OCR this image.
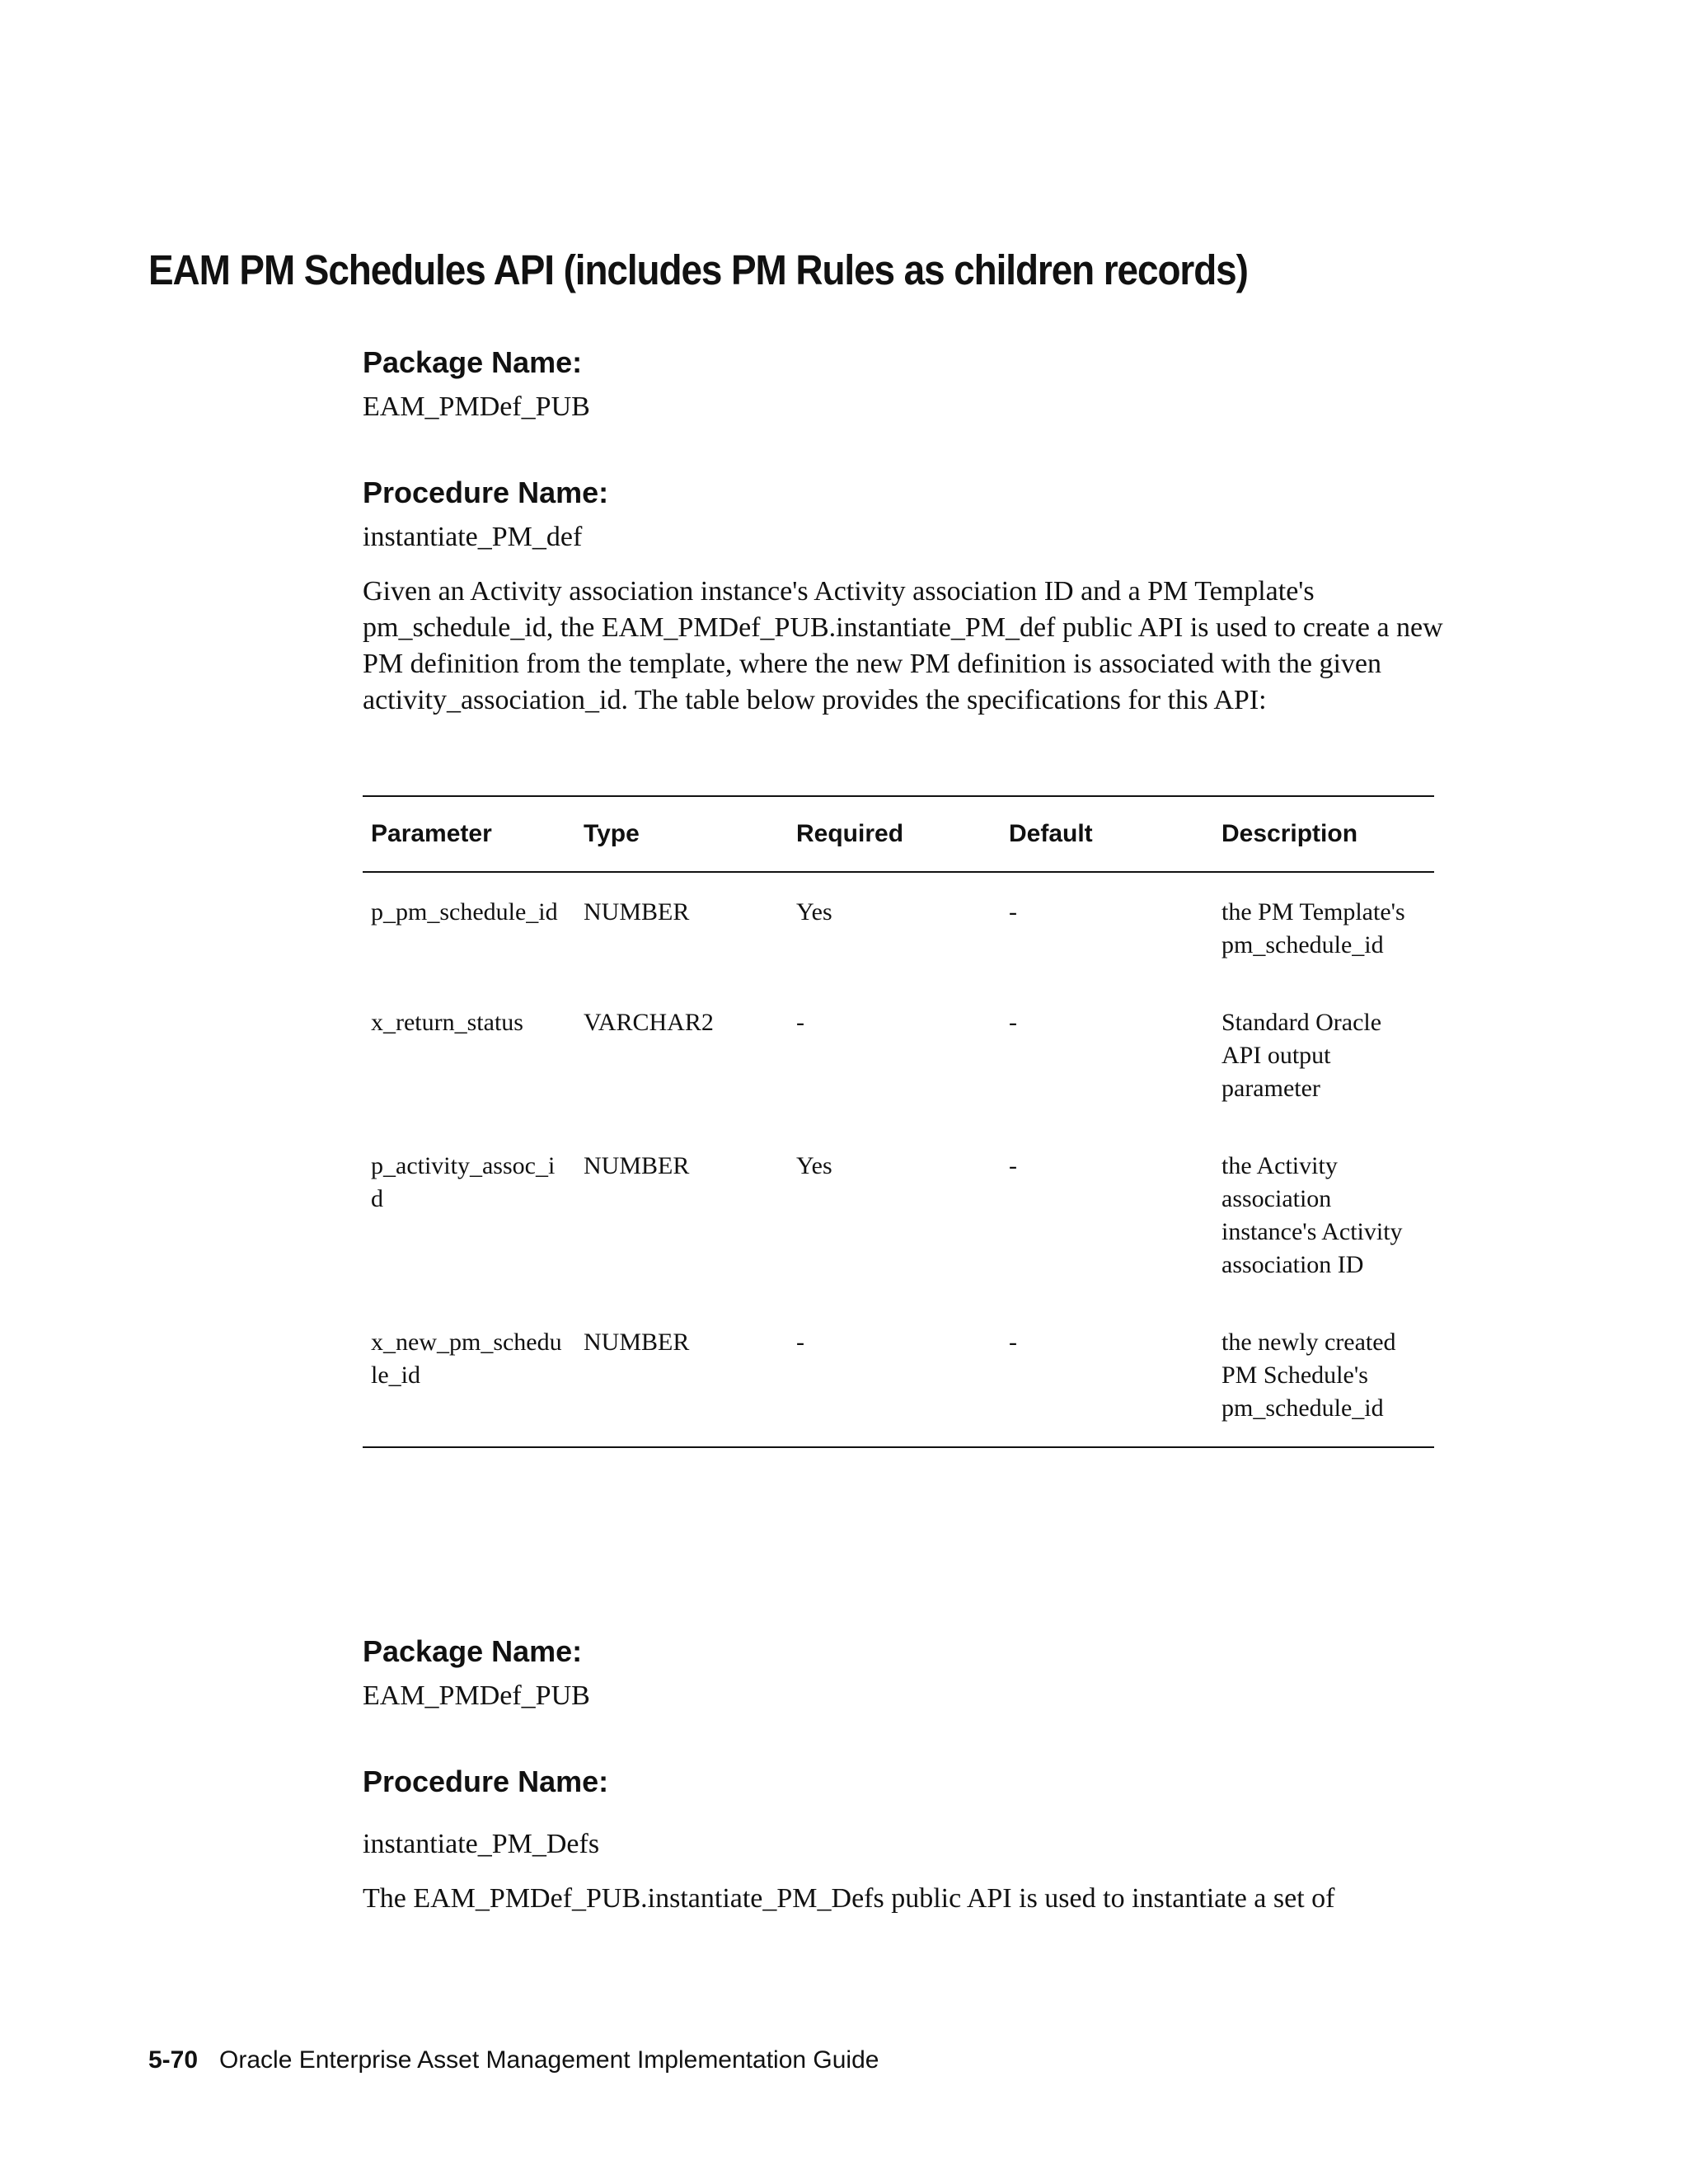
EAM PM Schedules API (includes PM Rules as children records)

Package Name:

EAM_PMDef_PUB

Procedure Name:

instantiate_PM_def

Given an Activity association instance's Activity association ID and a PM Template's pm_schedule_id, the EAM_PMDef_PUB.instantiate_PM_def public API is used to create a new PM definition from the template, where the new PM definition is associated with the given activity_association_id. The table below provides the specifications for this API:

Parameter	Type	Required	Default	Description
p_pm_schedule_id	NUMBER	Yes	-	the PM Template's pm_schedule_id
x_return_status	VARCHAR2	-	-	Standard Oracle API output parameter
p_activity_assoc_id	NUMBER	Yes	-	the Activity association instance's Activity association ID
x_new_pm_schedule_id	NUMBER	-	-	the newly created PM Schedule's pm_schedule_id

Package Name:

EAM_PMDef_PUB

Procedure Name:

instantiate_PM_Defs

The EAM_PMDef_PUB.instantiate_PM_Defs public API is used to instantiate a set of

5-70 Oracle Enterprise Asset Management Implementation Guide
